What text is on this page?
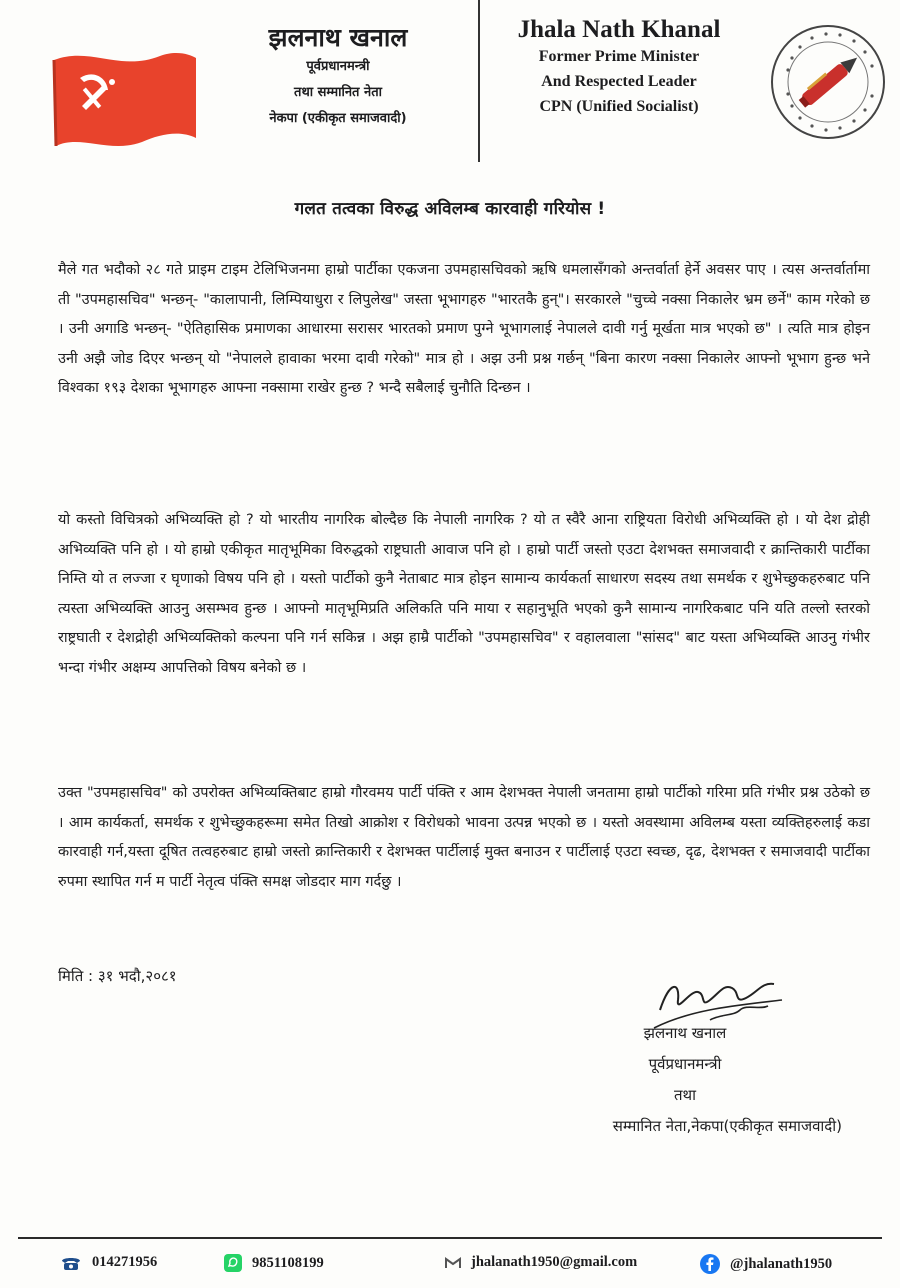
झलनाथ खनाल
पूर्वप्रधानमन्त्री
तथा सम्मानित नेता
नेकपा (एकीकृत समाजवादी)
Jhala Nath Khanal
Former Prime Minister
And Respected Leader
CPN (Unified Socialist)
गलत तत्वका विरुद्ध अविलम्ब कारवाही गरियोस !

मैले गत भदौको २८ गते प्राइम टाइम टेलिभिजनमा हाम्रो पार्टीका एकजना उपमहासचिवको ऋषि धमलासँगको अन्तर्वार्ता हेर्ने अवसर पाए । त्यस अन्तर्वार्तामा ती "उपमहासचिव" भन्छन्- "कालापानी, लिम्पियाधुरा र लिपुलेख" जस्ता भूभागहरु "भारतकै हुन्"। सरकारले "चुच्चे नक्सा निकालेर भ्रम छर्ने" काम गरेको छ । उनी अगाडि भन्छन्- "ऐतिहासिक प्रमाणका आधारमा सरासर भारतको प्रमाण पुग्ने भूभागलाई नेपालले दावी गर्नु मूर्खता मात्र भएको छ" । त्यति मात्र होइन उनी अझै जोड दिएर भन्छन् यो "नेपालले हावाका भरमा दावी गरेको" मात्र हो । अझ उनी प्रश्न गर्छन् "बिना कारण नक्सा निकालेर आफ्नो भूभाग हुन्छ भने विश्वका १९३ देशका भूभागहरु आफ्ना नक्सामा राखेर हुन्छ ? भन्दै सबैलाई चुनौति दिन्छन ।

यो कस्तो विचित्रको अभिव्यक्ति हो ? यो भारतीय नागरिक बोल्दैछ कि नेपाली नागरिक ? यो त स्वैरै आना राष्ट्रियता विरोधी अभिव्यक्ति हो । यो देश द्रोही अभिव्यक्ति पनि हो । यो हाम्रो एकीकृत मातृभूमिका विरुद्धको राष्ट्रघाती आवाज पनि हो । हाम्रो पार्टी जस्तो एउटा देशभक्त समाजवादी र क्रान्तिकारी पार्टीका निम्ति यो त लज्जा र घृणाको विषय पनि हो । यस्तो पार्टीको कुनै नेताबाट मात्र होइन सामान्य कार्यकर्ता साधारण सदस्य तथा समर्थक र शुभेच्छुकहरुबाट पनि त्यस्ता अभिव्यक्ति आउनु असम्भव हुन्छ । आफ्नो मातृभूमिप्रति अलिकति पनि माया र सहानुभूति भएको कुनै सामान्य नागरिकबाट पनि यति तल्लो स्तरको राष्ट्रघाती र देशद्रोही अभिव्यक्तिको कल्पना पनि गर्न सकिन्न । अझ हाम्रै पार्टीको "उपमहासचिव" र वहालवाला "सांसद" बाट यस्ता अभिव्यक्ति आउनु गंभीर भन्दा गंभीर अक्षम्य आपत्तिको विषय बनेको छ ।

उक्त "उपमहासचिव" को उपरोक्त अभिव्यक्तिबाट हाम्रो गौरवमय पार्टी पंक्ति र आम देशभक्त नेपाली जनतामा हाम्रो पार्टीको गरिमा प्रति गंभीर प्रश्न उठेको छ । आम कार्यकर्ता, समर्थक र शुभेच्छुकहरूमा समेत तिखो आक्रोश र विरोधको भावना उत्पन्न भएको छ । यस्तो अवस्थामा अविलम्ब यस्ता व्यक्तिहरुलाई कडा कारवाही गर्न,यस्ता दूषित तत्वहरुबाट हाम्रो जस्तो क्रान्तिकारी र देशभक्त पार्टीलाई मुक्त बनाउन र पार्टीलाई एउटा स्वच्छ, दृढ, देशभक्त र समाजवादी पार्टीका रुपमा स्थापित गर्न म पार्टी नेतृत्व पंक्ति समक्ष जोडदार माग गर्दछु ।

मिति : ३१ भदौ,२०८१
झलनाथ खनाल
पूर्वप्रधानमन्त्री
तथा
सम्मानित नेता,नेकपा(एकीकृत समाजवादी)
014271956	9851108199	jhalanath1950@gmail.com	@jhalanath1950
